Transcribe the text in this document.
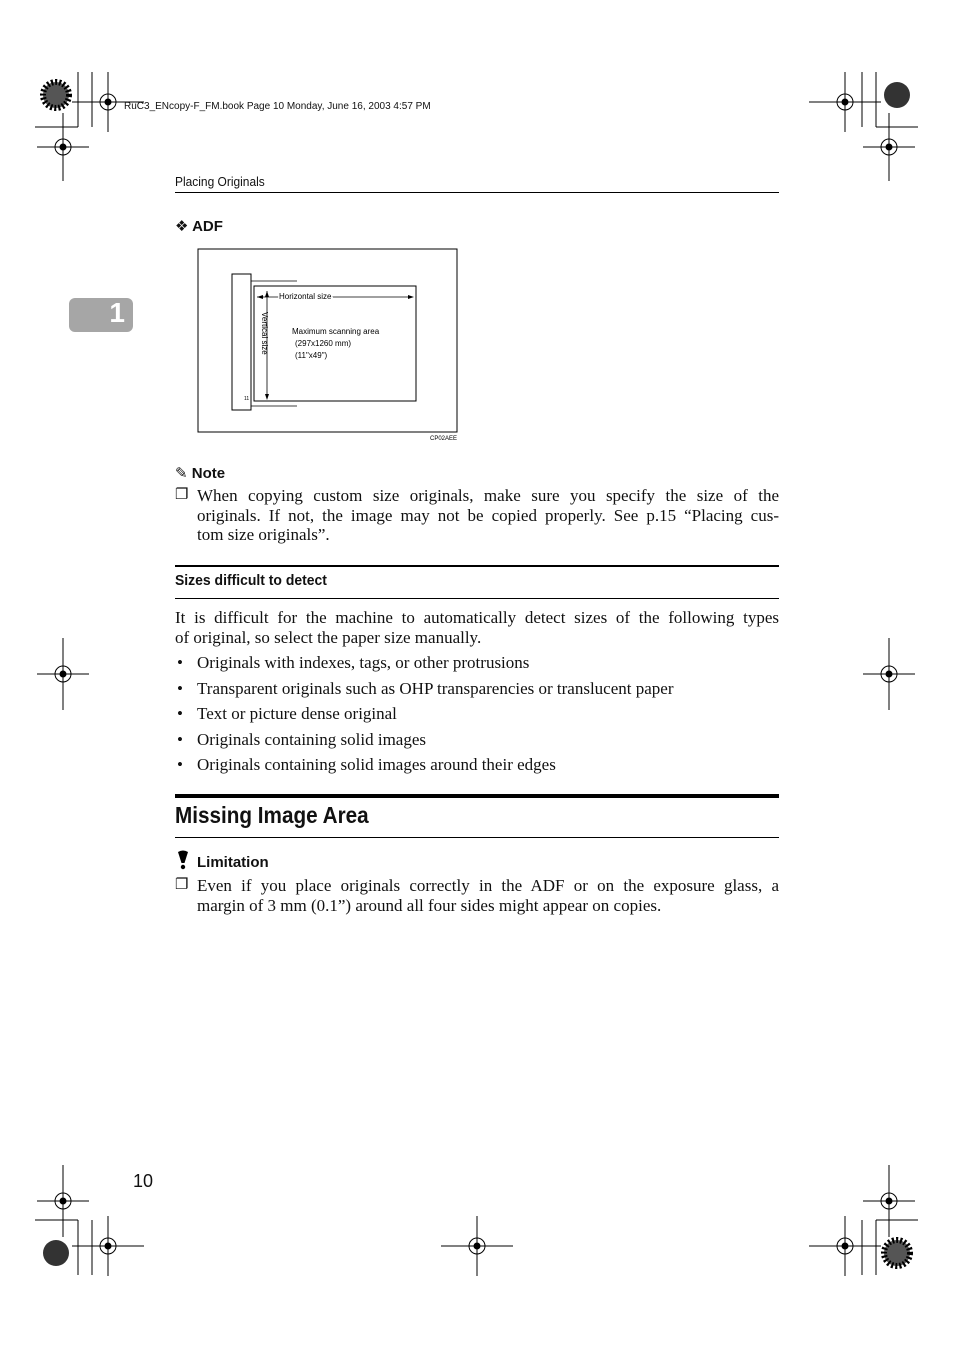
RuC3_ENcopy-F_FM.book Page 10 Monday, June 16, 2003 4:57 PM
Placing Originals
1
❖ ADF
Horizontal size
Vertical size	Maximum scanning area
(297x1260 mm)
(11"x49")
11
CP02AEE
✎ Note
❐ When copying custom size originals, make sure you specify the size of the
originals. If not, the image may not be copied properly. See p.15 “Placing cus-
tom size originals”.
Sizes difficult to detect
It is difficult for the machine to automatically detect sizes of the following types
of original, so select the paper size manually.
• Originals with indexes, tags, or other protrusions
• Transparent originals such as OHP transparencies or translucent paper
• Text or picture dense original
• Originals containing solid images
• Originals containing solid images around their edges
Missing Image Area
Limitation
❐ Even if you place originals correctly in the ADF or on the exposure glass, a
margin of 3 mm (0.1”) around all four sides might appear on copies.
10
